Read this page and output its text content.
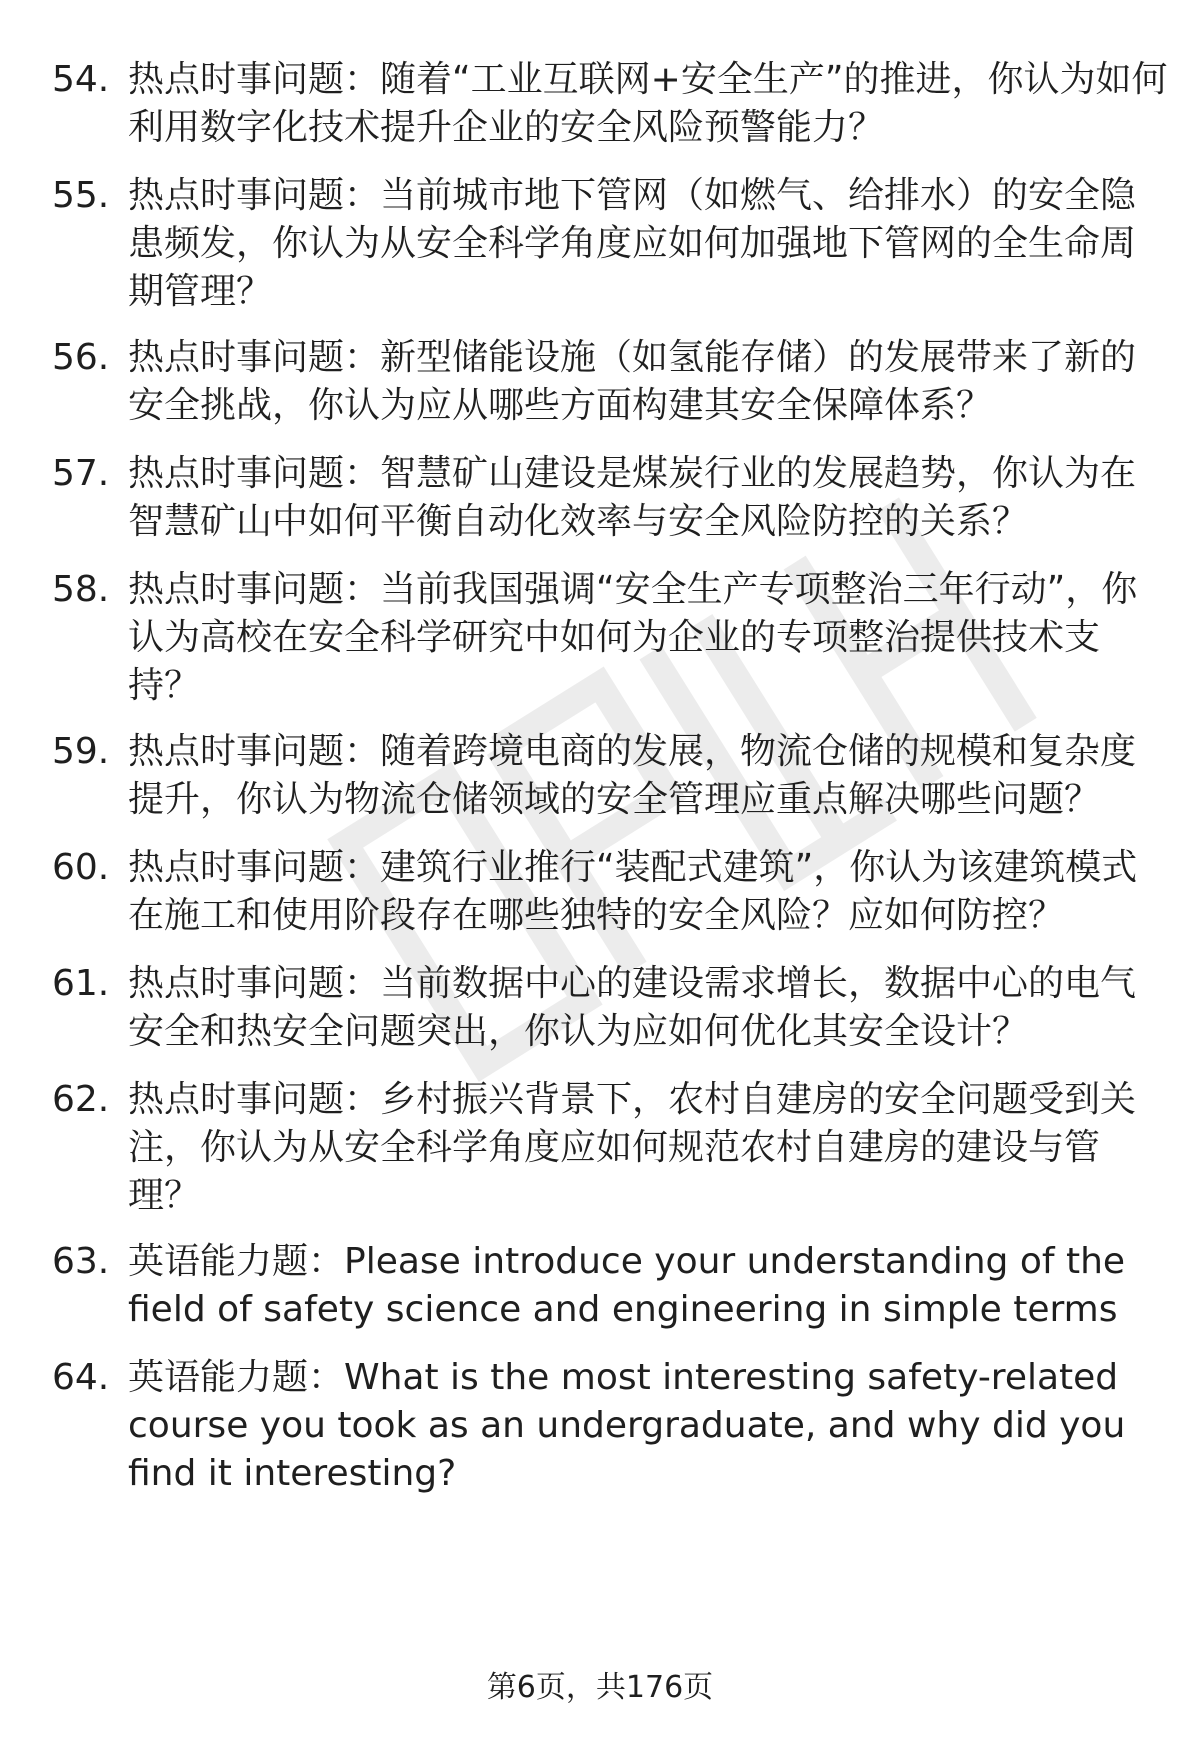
54. 热点时事问题：随着“工业互联网+安全生产”的推进，你认为如何利用数字化技术提升企业的安全风险预警能力？
55. 热点时事问题：当前城市地下管网（如燃气、给排水）的安全隐患频发，你认为从安全科学角度应如何加强地下管网的全生命周期管理？
56. 热点时事问题：新型储能设施（如氢能存储）的发展带来了新的安全挑战，你认为应从哪些方面构建其安全保障体系？
57. 热点时事问题：智慧矿山建设是煤炭行业的发展趋势，你认为在智慧矿山中如何平衡自动化效率与安全风险防控的关系？
58. 热点时事问题：当前我国强调“安全生产专项整治三年行动”，你认为高校在安全科学研究中如何为企业的专项整治提供技术支持？
59. 热点时事问题：随着跨境电商的发展，物流仓储的规模和复杂度提升，你认为物流仓储领域的安全管理应重点解决哪些问题？
60. 热点时事问题：建筑行业推行“装配式建筑”，你认为该建筑模式在施工和使用阶段存在哪些独特的安全风险？应如何防控？
61. 热点时事问题：当前数据中心的建设需求增长，数据中心的电气安全和热安全问题突出，你认为应如何优化其安全设计？
62. 热点时事问题：乡村振兴背景下，农村自建房的安全问题受到关注，你认为从安全科学角度应如何规范农村自建房的建设与管理？
63. 英语能力题：Please introduce your understanding of the field of safety science and engineering in simple terms
64. 英语能力题：What is the most interesting safety-related course you took as an undergraduate, and why did you find it interesting?
第6页，共176页
